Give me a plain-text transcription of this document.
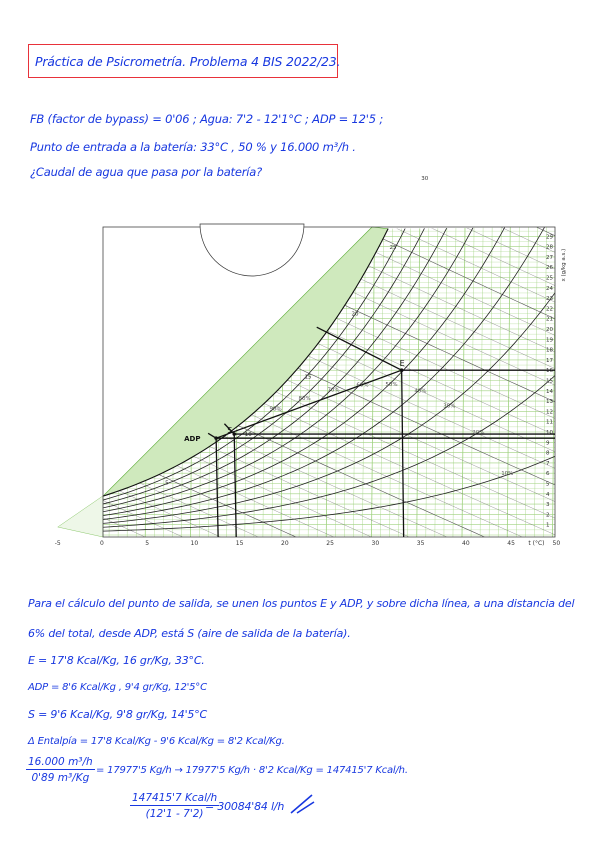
Práctica de Psicrometría. Problema 4 BIS 2022/23.
FB (factor de bypass) = 0'06 ; Agua: 7'2 - 12'1°C ; ADP = 12'5 ;
Punto de entrada a la batería: 33°C , 50 % y 16.000 m³/h .
¿Caudal de agua que pasa por la batería?
10%
20%
30%
40%
50%
60%
70%
80%
90%
-5	0	5	10	15	20	25	30	35	40	45	50
t (°C)
1
2
3
4
5
6
7
8
9
10
11
12
13
14
15
16
17
18
19
20
21
22
23
24
25
26
27
28
29
x (g/kg a.s.)
5
10
15
20
25
30
E
ADP
S
Para el cálculo del punto de salida, se unen los puntos E y ADP, y sobre dicha línea, a una distancia del
6% del total, desde ADP, está S (aire de salida de la batería).
E = 17'8 Kcal/Kg, 16 gr/Kg, 33°C.
ADP = 8'6 Kcal/Kg , 9'4 gr/Kg, 12'5°C
S = 9'6 Kcal/Kg, 9'8 gr/Kg, 14'5°C
Δ Entalpía = 17'8 Kcal/Kg - 9'6 Kcal/Kg = 8'2 Kcal/Kg.
$\frac{\text{16.000 m³/h}}{\text{0'89 m³/Kg}} = 17977'5$ Kg/h → 17977'5 Kg/h · 8'2 Kcal/Kg = 147415'7 Kcal/h.
147415'7 Kcal/h
(12'1 - 7'2)
= 30084'84 l/h
